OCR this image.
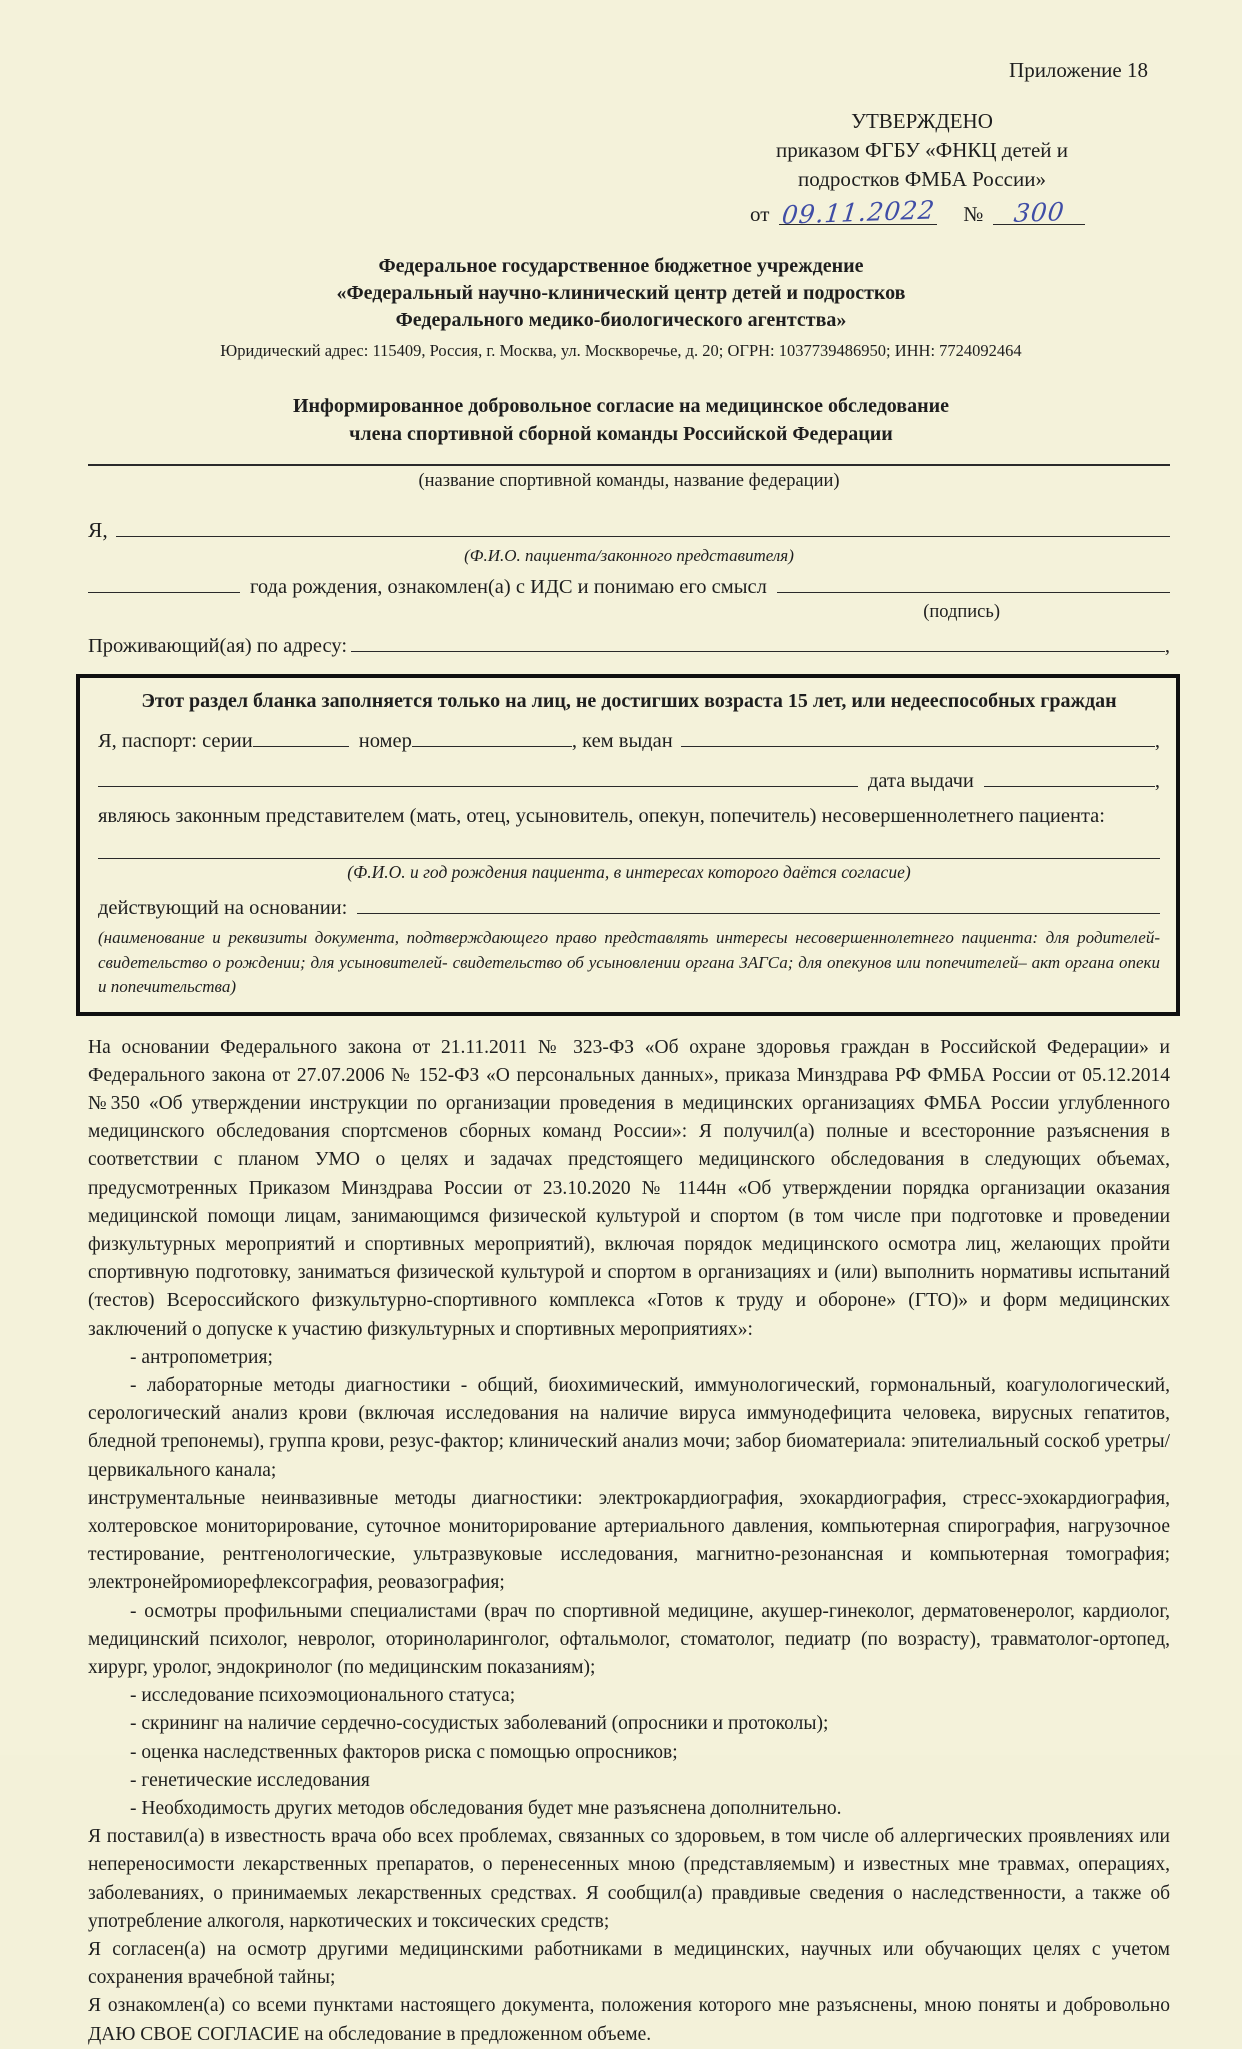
Приложение 18
УТВЕРЖДЕНО
приказом ФГБУ «ФНКЦ детей и
подростков ФМБА России»
от 09.11.2022 № 300
Федеральное государственное бюджетное учреждение
«Федеральный научно-клинический центр детей и подростков
Федерального медико-биологического агентства»
Юридический адрес: 115409, Россия, г. Москва, ул. Москворечье, д. 20; ОГРН: 1037739486950; ИНН: 7724092464
Информированное добровольное согласие на медицинское обследование
члена спортивной сборной команды Российской Федерации
(название спортивной команды, название федерации)
Я,
(Ф.И.О. пациента/законного представителя)
года рождения, ознакомлен(а) с ИДС и понимаю его смысл
(подпись)
Проживающий(ая) по адресу:	,
Этот раздел бланка заполняется только на лиц, не достигших возраста 15 лет, или недееспособных граждан
Я, паспорт: серии	номер	, кем выдан	,
дата выдачи	,
являюсь законным представителем (мать, отец, усыновитель, опекун, попечитель) несовершеннолетнего пациента:
(Ф.И.О. и год рождения пациента, в интересах которого даётся согласие)
действующий на основании:
(наименование и реквизиты документа, подтверждающего право представлять интересы несовершеннолетнего пациента: для родителей-свидетельство о рождении; для усыновителей- свидетельство об усыновлении органа ЗАГСа; для опекунов или попечителей– акт органа опеки и попечительства)

На основании Федерального закона от 21.11.2011 № 323-ФЗ «Об охране здоровья граждан в Российской Федерации» и Федерального закона от 27.07.2006 № 152-ФЗ «О персональных данных», приказа Минздрава РФ ФМБА России от 05.12.2014 №350 «Об утверждении инструкции по организации проведения в медицинских организациях ФМБА России углубленного медицинского обследования спортсменов сборных команд России»: Я получил(а) полные и всесторонние разъяснения в соответствии с планом УМО о целях и задачах предстоящего медицинского обследования в следующих объемах, предусмотренных Приказом Минздрава России от 23.10.2020 № 1144н «Об утверждении порядка организации оказания медицинской помощи лицам, занимающимся физической культурой и спортом (в том числе при подготовке и проведении физкультурных мероприятий и спортивных мероприятий), включая порядок медицинского осмотра лиц, желающих пройти спортивную подготовку, заниматься физической культурой и спортом в организациях и (или) выполнить нормативы испытаний (тестов) Всероссийского физкультурно-спортивного комплекса «Готов к труду и обороне» (ГТО)» и форм медицинских заключений о допуске к участию физкультурных и спортивных мероприятиях»:

- антропометрия;

- лабораторные методы диагностики - общий, биохимический, иммунологический, гормональный, коагулологический, серологический анализ крови (включая исследования на наличие вируса иммунодефицита человека, вирусных гепатитов, бледной трепонемы), группа крови, резус-фактор; клинический анализ мочи; забор биоматериала: эпителиальный соскоб уретры/цервикального канала;

инструментальные неинвазивные методы диагностики: электрокардиография, эхокардиография, стресс-эхокардиография, холтеровское мониторирование, суточное мониторирование артериального давления, компьютерная спирография, нагрузочное тестирование, рентгенологические, ультразвуковые исследования, магнитно-резонансная и компьютерная томография; электронейромиорефлексография, реовазография;

- осмотры профильными специалистами (врач по спортивной медицине, акушер-гинеколог, дерматовенеролог, кардиолог, медицинский психолог, невролог, оториноларинголог, офтальмолог, стоматолог, педиатр (по возрасту), травматолог-ортопед, хирург, уролог, эндокринолог (по медицинским показаниям);

- исследование психоэмоционального статуса;

- скрининг на наличие сердечно-сосудистых заболеваний (опросники и протоколы);

- оценка наследственных факторов риска с помощью опросников;

- генетические исследования

- Необходимость других методов обследования будет мне разъяснена дополнительно.

Я поставил(а) в известность врача обо всех проблемах, связанных со здоровьем, в том числе об аллергических проявлениях или непереносимости лекарственных препаратов, о перенесенных мною (представляемым) и известных мне травмах, операциях, заболеваниях, о принимаемых лекарственных средствах. Я сообщил(а) правдивые сведения о наследственности, а также об употребление алкоголя, наркотических и токсических средств;

Я согласен(а) на осмотр другими медицинскими работниками в медицинских, научных или обучающих целях с учетом сохранения врачебной тайны;

Я ознакомлен(а) со всеми пунктами настоящего документа, положения которого мне разъяснены, мною поняты и добровольно ДАЮ СВОЕ СОГЛАСИЕ на обследование в предложенном объеме.
